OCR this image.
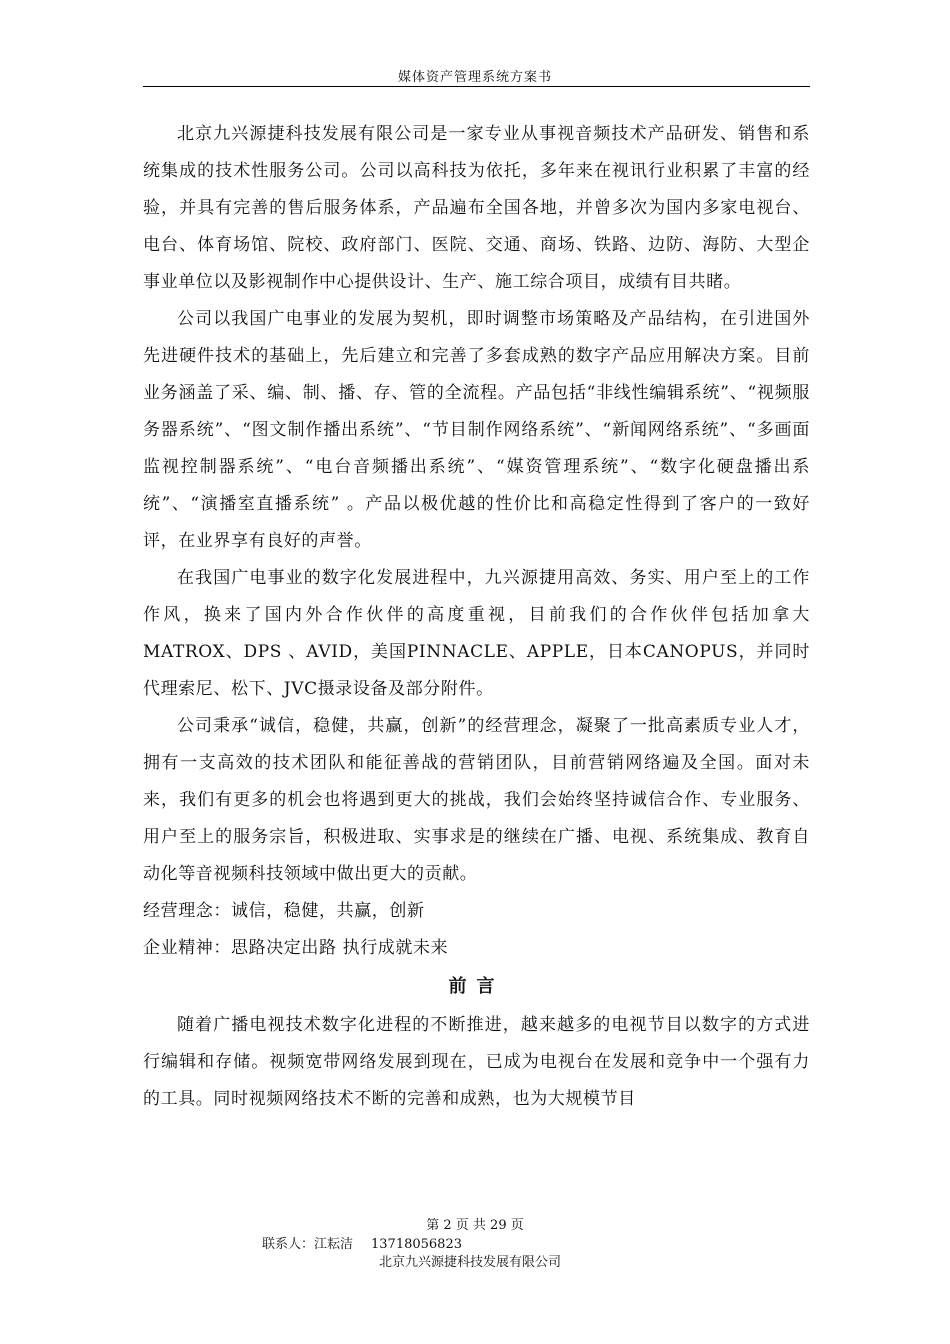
媒体资产管理系统方案书

北京九兴源捷科技发展有限公司是一家专业从事视音频技术产品研发、销售和系统集成的技术性服务公司。公司以高科技为依托，多年来在视讯行业积累了丰富的经验，并具有完善的售后服务体系，产品遍布全国各地，并曾多次为国内多家电视台、电台、体育场馆、院校、政府部门、医院、交通、商场、铁路、边防、海防、大型企事业单位以及影视制作中心提供设计、生产、施工综合项目，成绩有目共睹。

公司以我国广电事业的发展为契机，即时调整市场策略及产品结构，在引进国外先进硬件技术的基础上，先后建立和完善了多套成熟的数字产品应用解决方案。目前业务涵盖了采、编、制、播、存、管的全流程。产品包括“非线性编辑系统”、“视频服务器系统”、“图文制作播出系统”、“节目制作网络系统”、“新闻网络系统”、“多画面监视控制器系统”、“电台音频播出系统”、“媒资管理系统”、“数字化硬盘播出系统”、“演播室直播系统” 。产品以极优越的性价比和高稳定性得到了客户的一致好评，在业界享有良好的声誉。

在我国广电事业的数字化发展进程中，九兴源捷用高效、务实、用户至上的工作作风，换来了国内外合作伙伴的高度重视，目前我们的合作伙伴包括加拿大MATROX、DPS 、AVID，美国PINNACLE、APPLE，日本CANOPUS，并同时代理索尼、松下、JVC摄录设备及部分附件。

公司秉承“诚信，稳健，共赢，创新”的经营理念，凝聚了一批高素质专业人才，拥有一支高效的技术团队和能征善战的营销团队，目前营销网络遍及全国。面对未来，我们有更多的机会也将遇到更大的挑战，我们会始终坚持诚信合作、专业服务、用户至上的服务宗旨，积极进取、实事求是的继续在广播、电视、系统集成、教育自动化等音视频科技领域中做出更大的贡献。

经营理念：诚信，稳健，共赢，创新

企业精神：思路决定出路 执行成就未来

前言

随着广播电视技术数字化进程的不断推进，越来越多的电视节目以数字的方式进行编辑和存储。视频宽带网络发展到现在，已成为电视台在发展和竞争中一个强有力的工具。同时视频网络技术不断的完善和成熟，也为大规模节目

第 2 页 共 29 页
联系人：江耘洁 13718056823
北京九兴源捷科技发展有限公司
